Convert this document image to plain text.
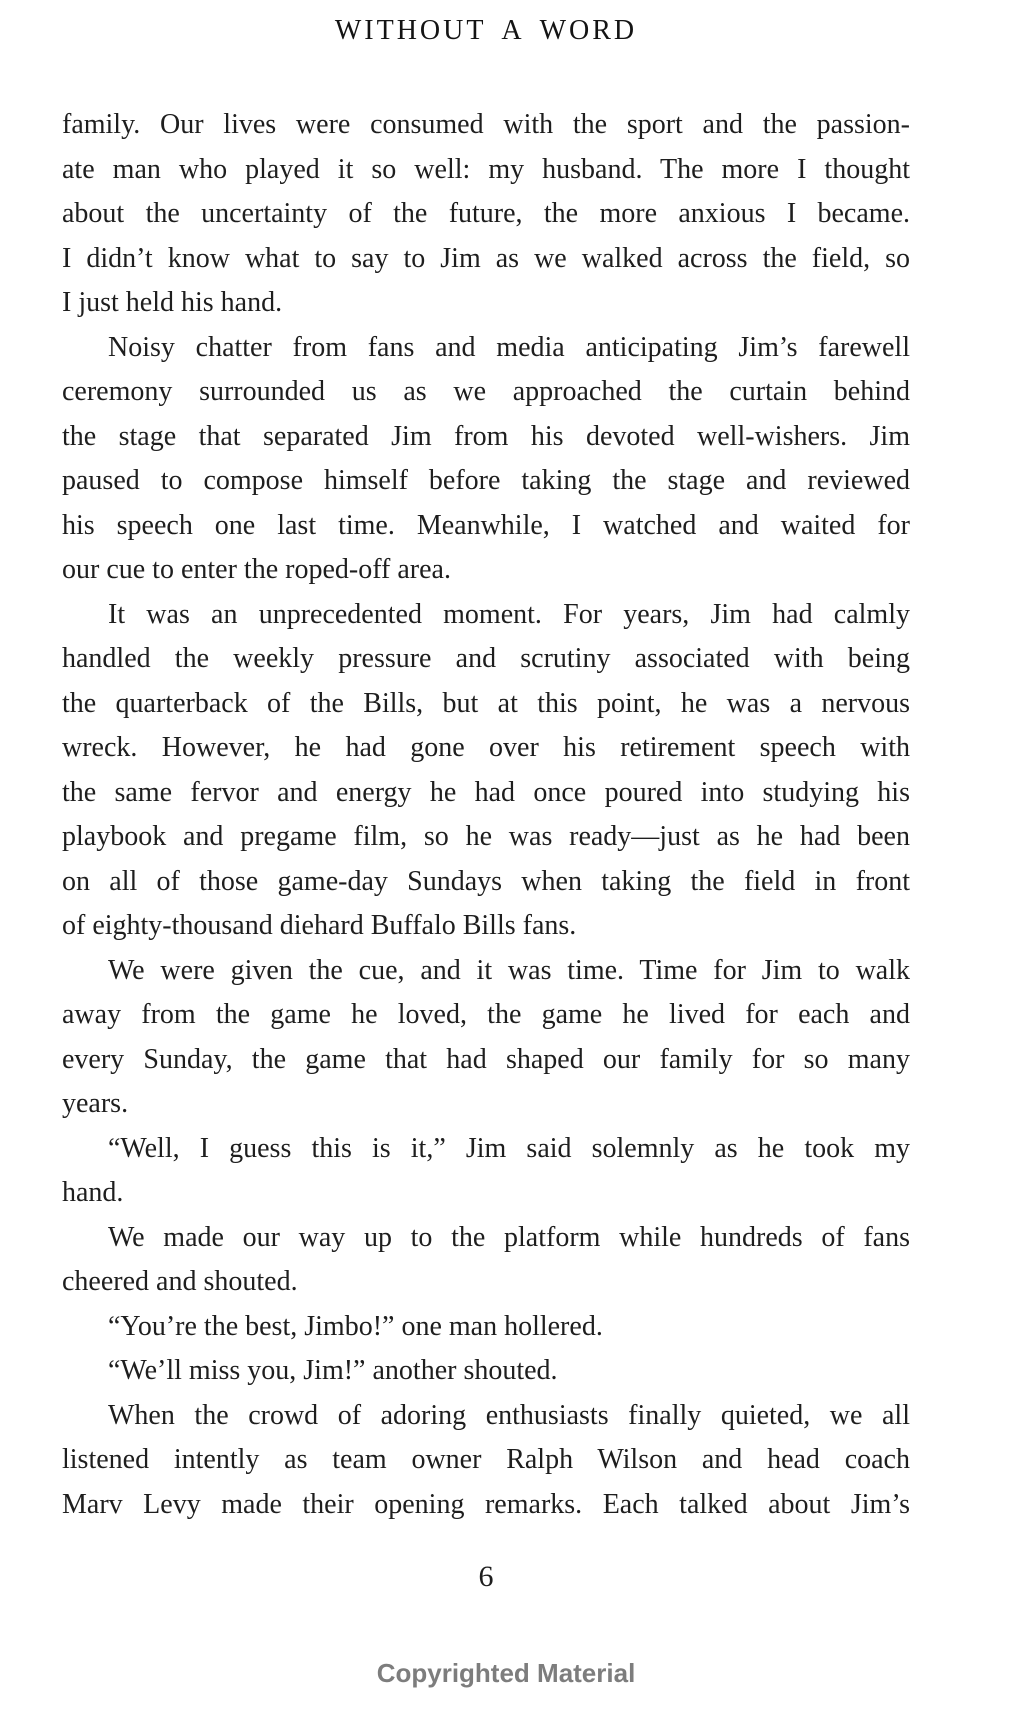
WITHOUT A WORD
family. Our lives were consumed with the sport and the passion-
ate man who played it so well: my husband. The more I thought
about the uncertainty of the future, the more anxious I became.
I didn’t know what to say to Jim as we walked across the field, so
I just held his hand.
Noisy chatter from fans and media anticipating Jim’s farewell
ceremony surrounded us as we approached the curtain behind
the stage that separated Jim from his devoted well-wishers. Jim
paused to compose himself before taking the stage and reviewed
his speech one last time. Meanwhile, I watched and waited for
our cue to enter the roped-off area.
It was an unprecedented moment. For years, Jim had calmly
handled the weekly pressure and scrutiny associated with being
the quarterback of the Bills, but at this point, he was a nervous
wreck. However, he had gone over his retirement speech with
the same fervor and energy he had once poured into studying his
playbook and pregame film, so he was ready—just as he had been
on all of those game-day Sundays when taking the field in front
of eighty-thousand diehard Buffalo Bills fans.
We were given the cue, and it was time. Time for Jim to walk
away from the game he loved, the game he lived for each and
every Sunday, the game that had shaped our family for so many
years.
“Well, I guess this is it,” Jim said solemnly as he took my
hand.
We made our way up to the platform while hundreds of fans
cheered and shouted.
“You’re the best, Jimbo!” one man hollered.
“We’ll miss you, Jim!” another shouted.
When the crowd of adoring enthusiasts finally quieted, we all
listened intently as team owner Ralph Wilson and head coach
Marv Levy made their opening remarks. Each talked about Jim’s
6
Copyrighted Material
